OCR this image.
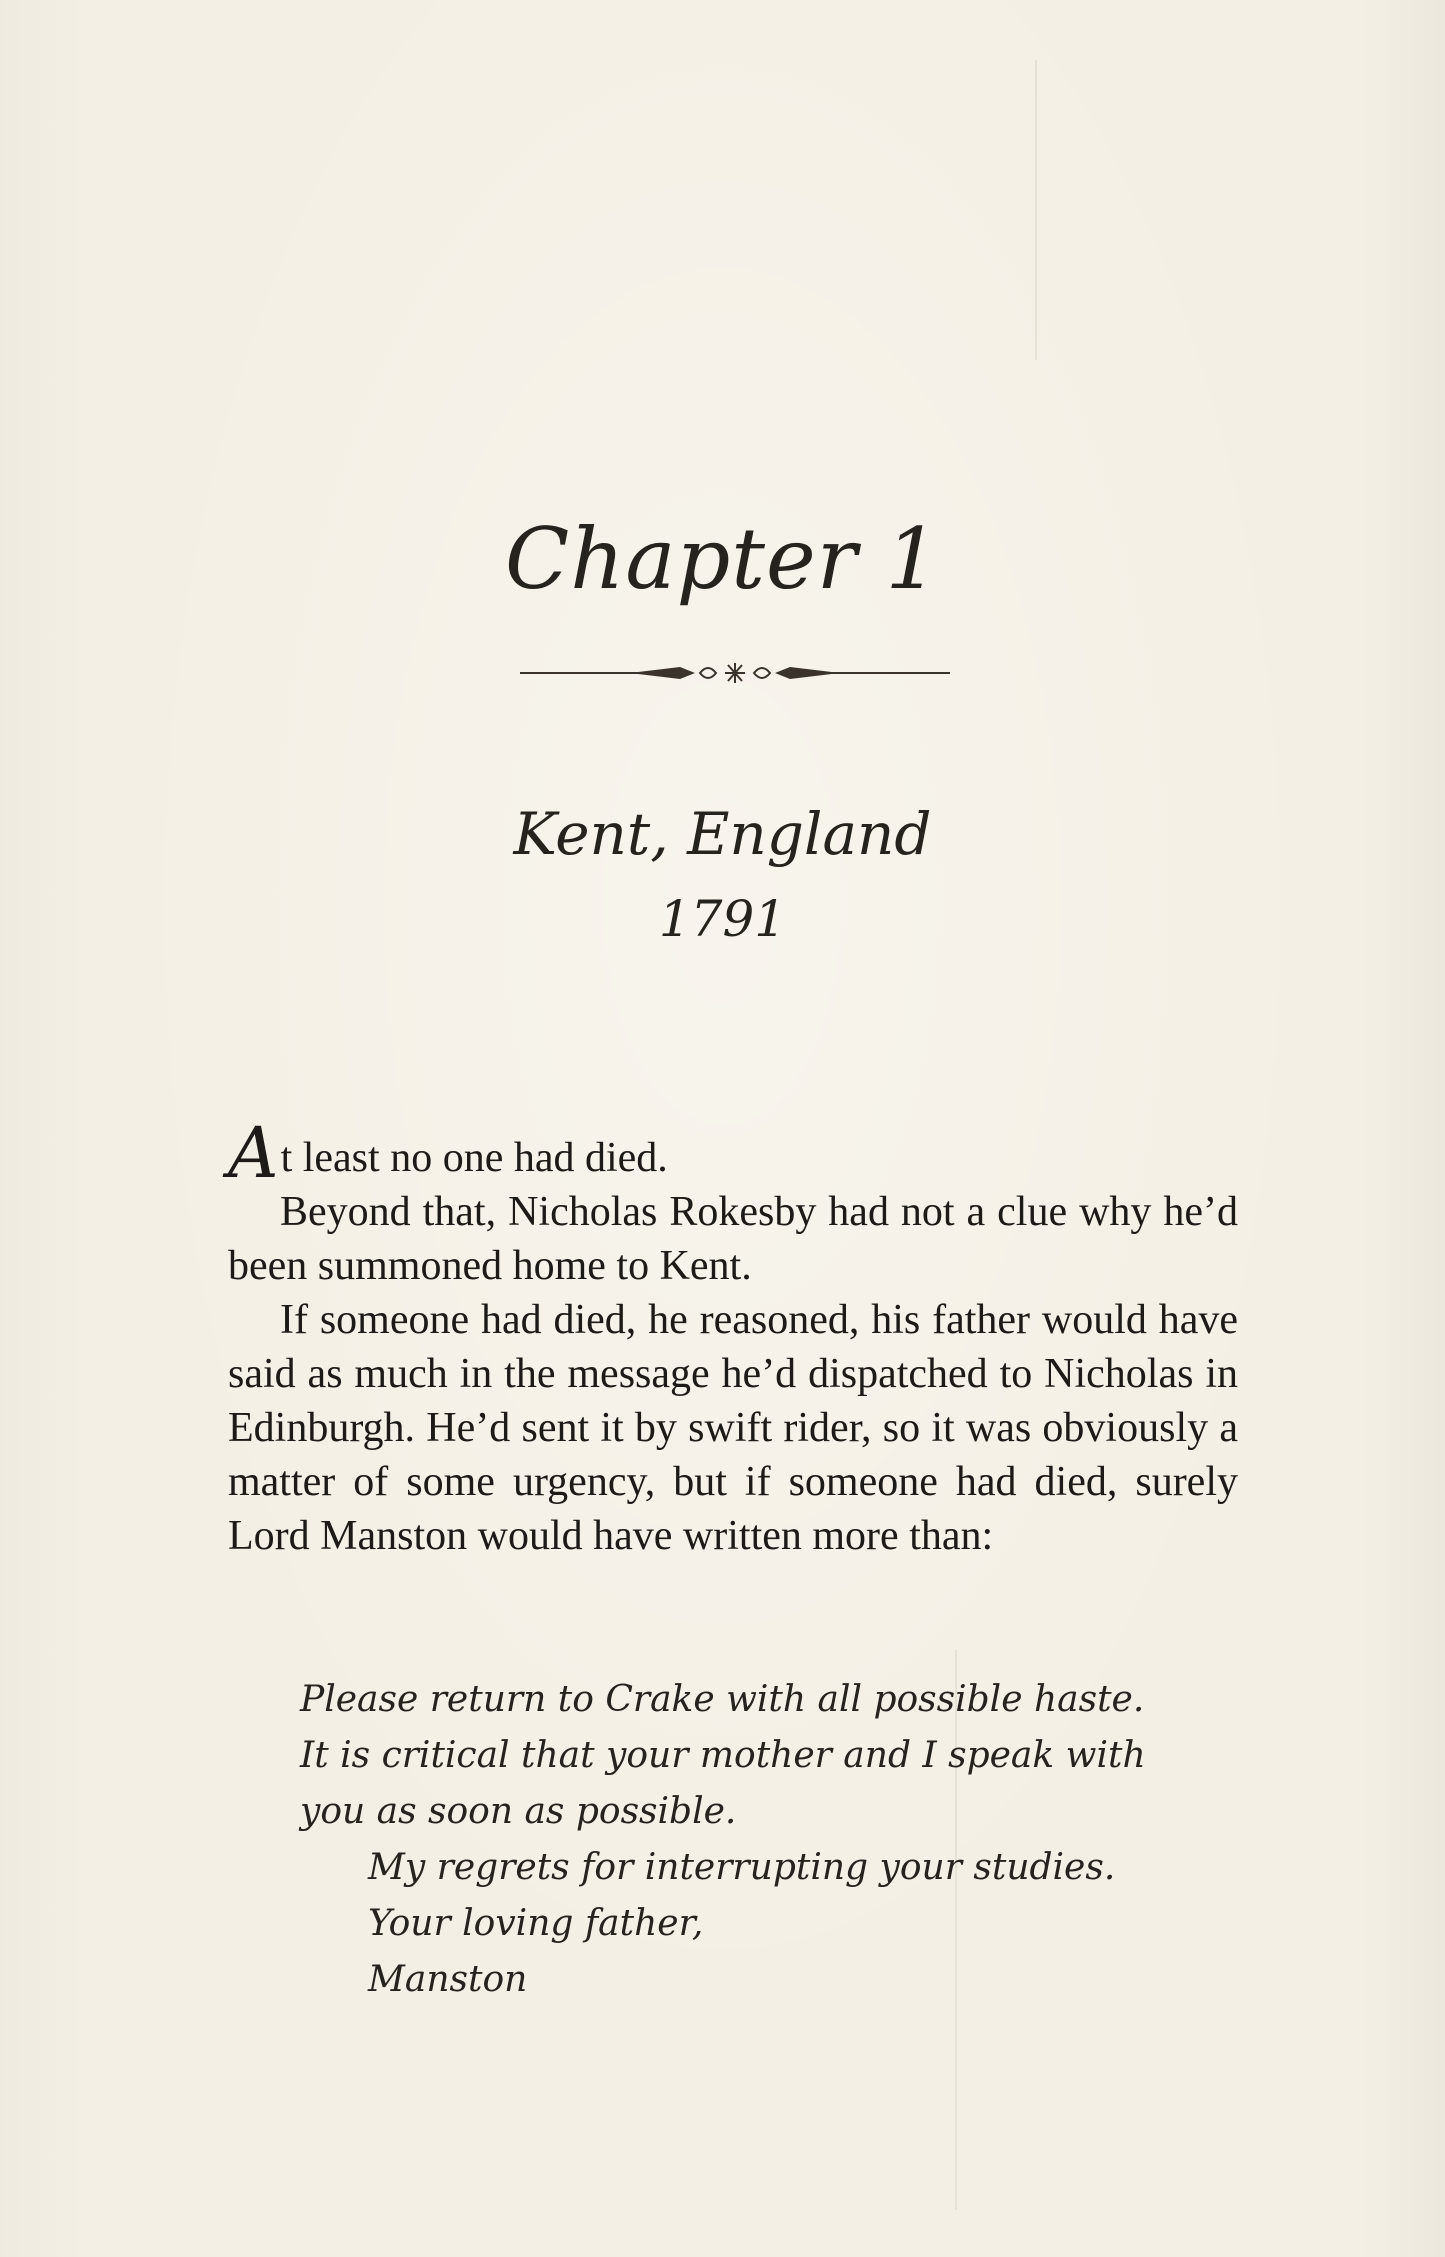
Chapter 1
Kent, England
1791

At least no one had died.

Beyond that, Nicholas Rokesby had not a clue why he’d been summoned home to Kent.

If someone had died, he reasoned, his father would have said as much in the message he’d dispatched to Nicholas in Edinburgh. He’d sent it by swift rider, so it was obviously a matter of some urgency, but if someone had died, surely Lord Manston would have written more than:

Please return to Crake with all possible haste. It is critical that your mother and I speak with you as soon as possible.

My regrets for interrupting your studies.

Your loving father,

Manston
